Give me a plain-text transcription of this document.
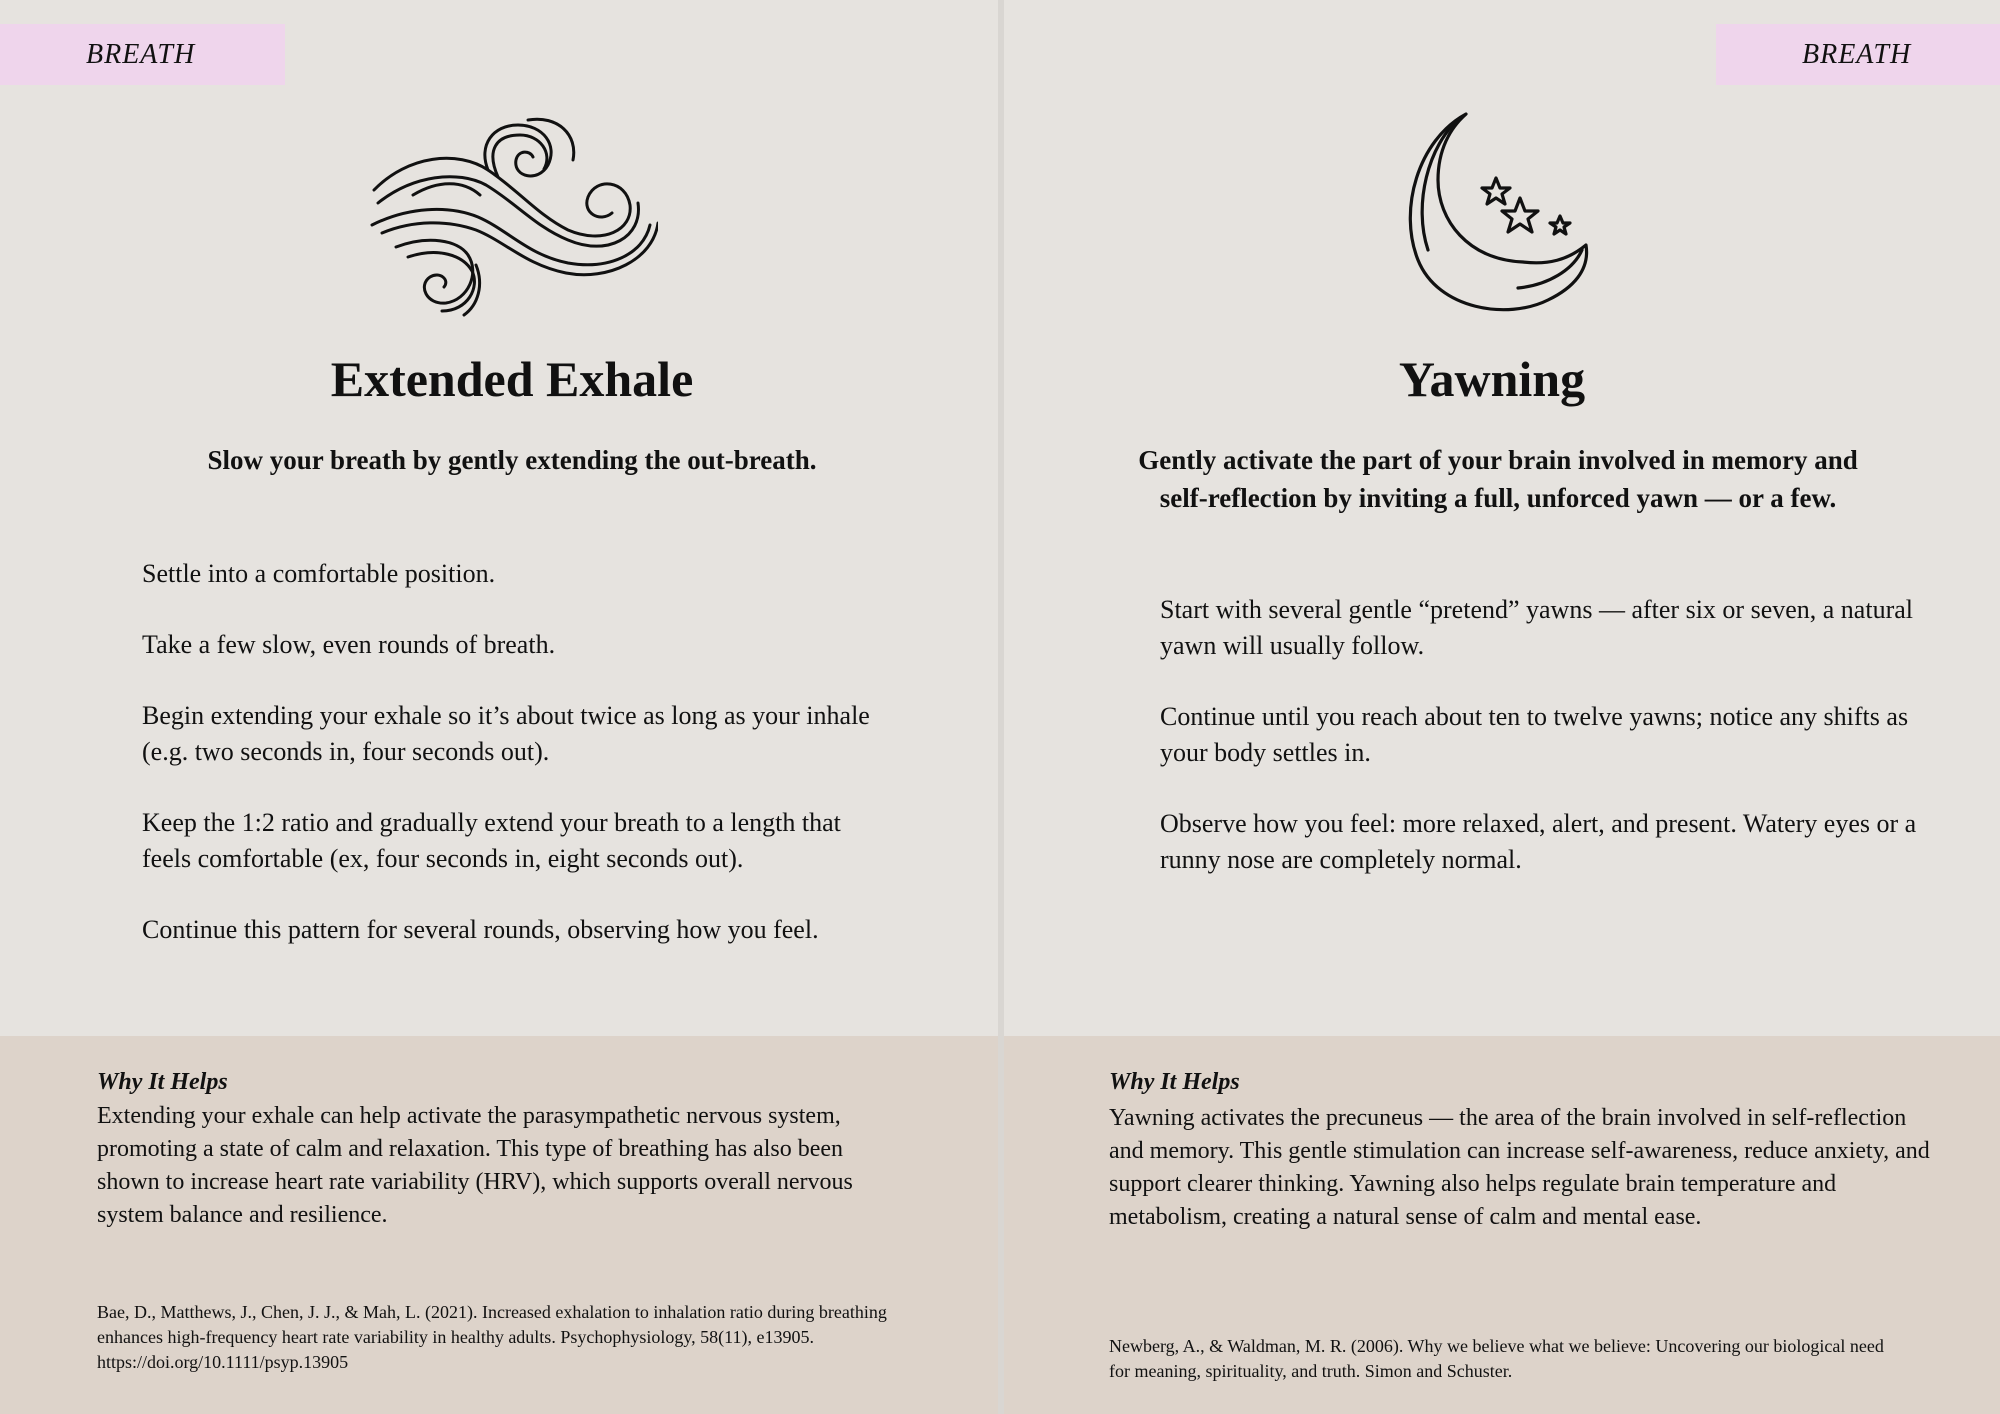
BREATH
Extended Exhale
Slow your breath by gently extending the out-breath.
Settle into a comfortable position.
Take a few slow, even rounds of breath.
Begin extending your exhale so it’s about twice as long as your inhale (e.g. two seconds in, four seconds out).
Keep the 1:2 ratio and gradually extend your breath to a length that feels comfortable (ex, four seconds in, eight seconds out).
Continue this pattern for several rounds, observing how you feel.
Why It Helps
Extending your exhale can help activate the parasympathetic nervous system, promoting a state of calm and relaxation. This type of breathing has also been shown to increase heart rate variability (HRV), which supports overall nervous system balance and resilience.
Bae, D., Matthews, J., Chen, J. J., & Mah, L. (2021). Increased exhalation to inhalation ratio during breathing enhances high-frequency heart rate variability in healthy adults. Psychophysiology, 58(11), e13905. https://doi.org/10.1111/psyp.13905
BREATH
Yawning
Gently activate the part of your brain involved in memory and self-reflection by inviting a full, unforced yawn — or a few.
Start with several gentle “pretend” yawns — after six or seven, a natural yawn will usually follow.
Continue until you reach about ten to twelve yawns; notice any shifts as your body settles in.
Observe how you feel: more relaxed, alert, and present. Watery eyes or a runny nose are completely normal.
Why It Helps
Yawning activates the precuneus — the area of the brain involved in self-reflection and memory. This gentle stimulation can increase self-awareness, reduce anxiety, and support clearer thinking. Yawning also helps regulate brain temperature and metabolism, creating a natural sense of calm and mental ease.
Newberg, A., & Waldman, M. R. (2006). Why we believe what we believe: Uncovering our biological need for meaning, spirituality, and truth. Simon and Schuster.
